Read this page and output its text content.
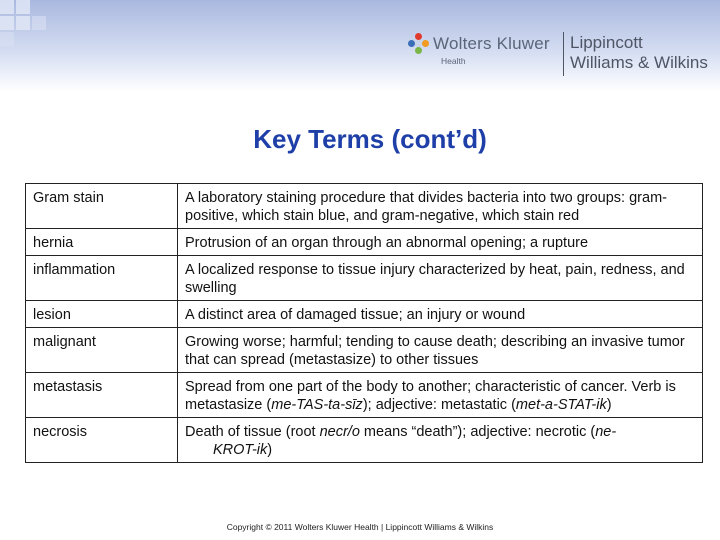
Wolters Kluwer
Health
Lippincott
Williams & Wilkins
Key Terms (cont’d)
Gram stain	A laboratory staining procedure that divides bacteria into two groups: gram-positive, which stain blue, and gram-negative, which stain red
hernia	Protrusion of an organ through an abnormal opening; a rupture
inflammation	A localized response to tissue injury characterized by heat, pain, redness, and swelling
lesion	A distinct area of damaged tissue; an injury or wound
malignant	Growing worse; harmful; tending to cause death; describing an invasive tumor that can spread (metastasize) to other tissues
metastasis	Spread from one part of the body to another; characteristic of cancer. Verb is metastasize (me-TAS-ta-sīz); adjective: metastatic (met-a-STAT-ik)
necrosis	Death of tissue (root necr/o means “death”); adjective: necrotic (ne-
KROT-ik)

Copyright © 2011 Wolters Kluwer Health | Lippincott Williams & Wilkins
